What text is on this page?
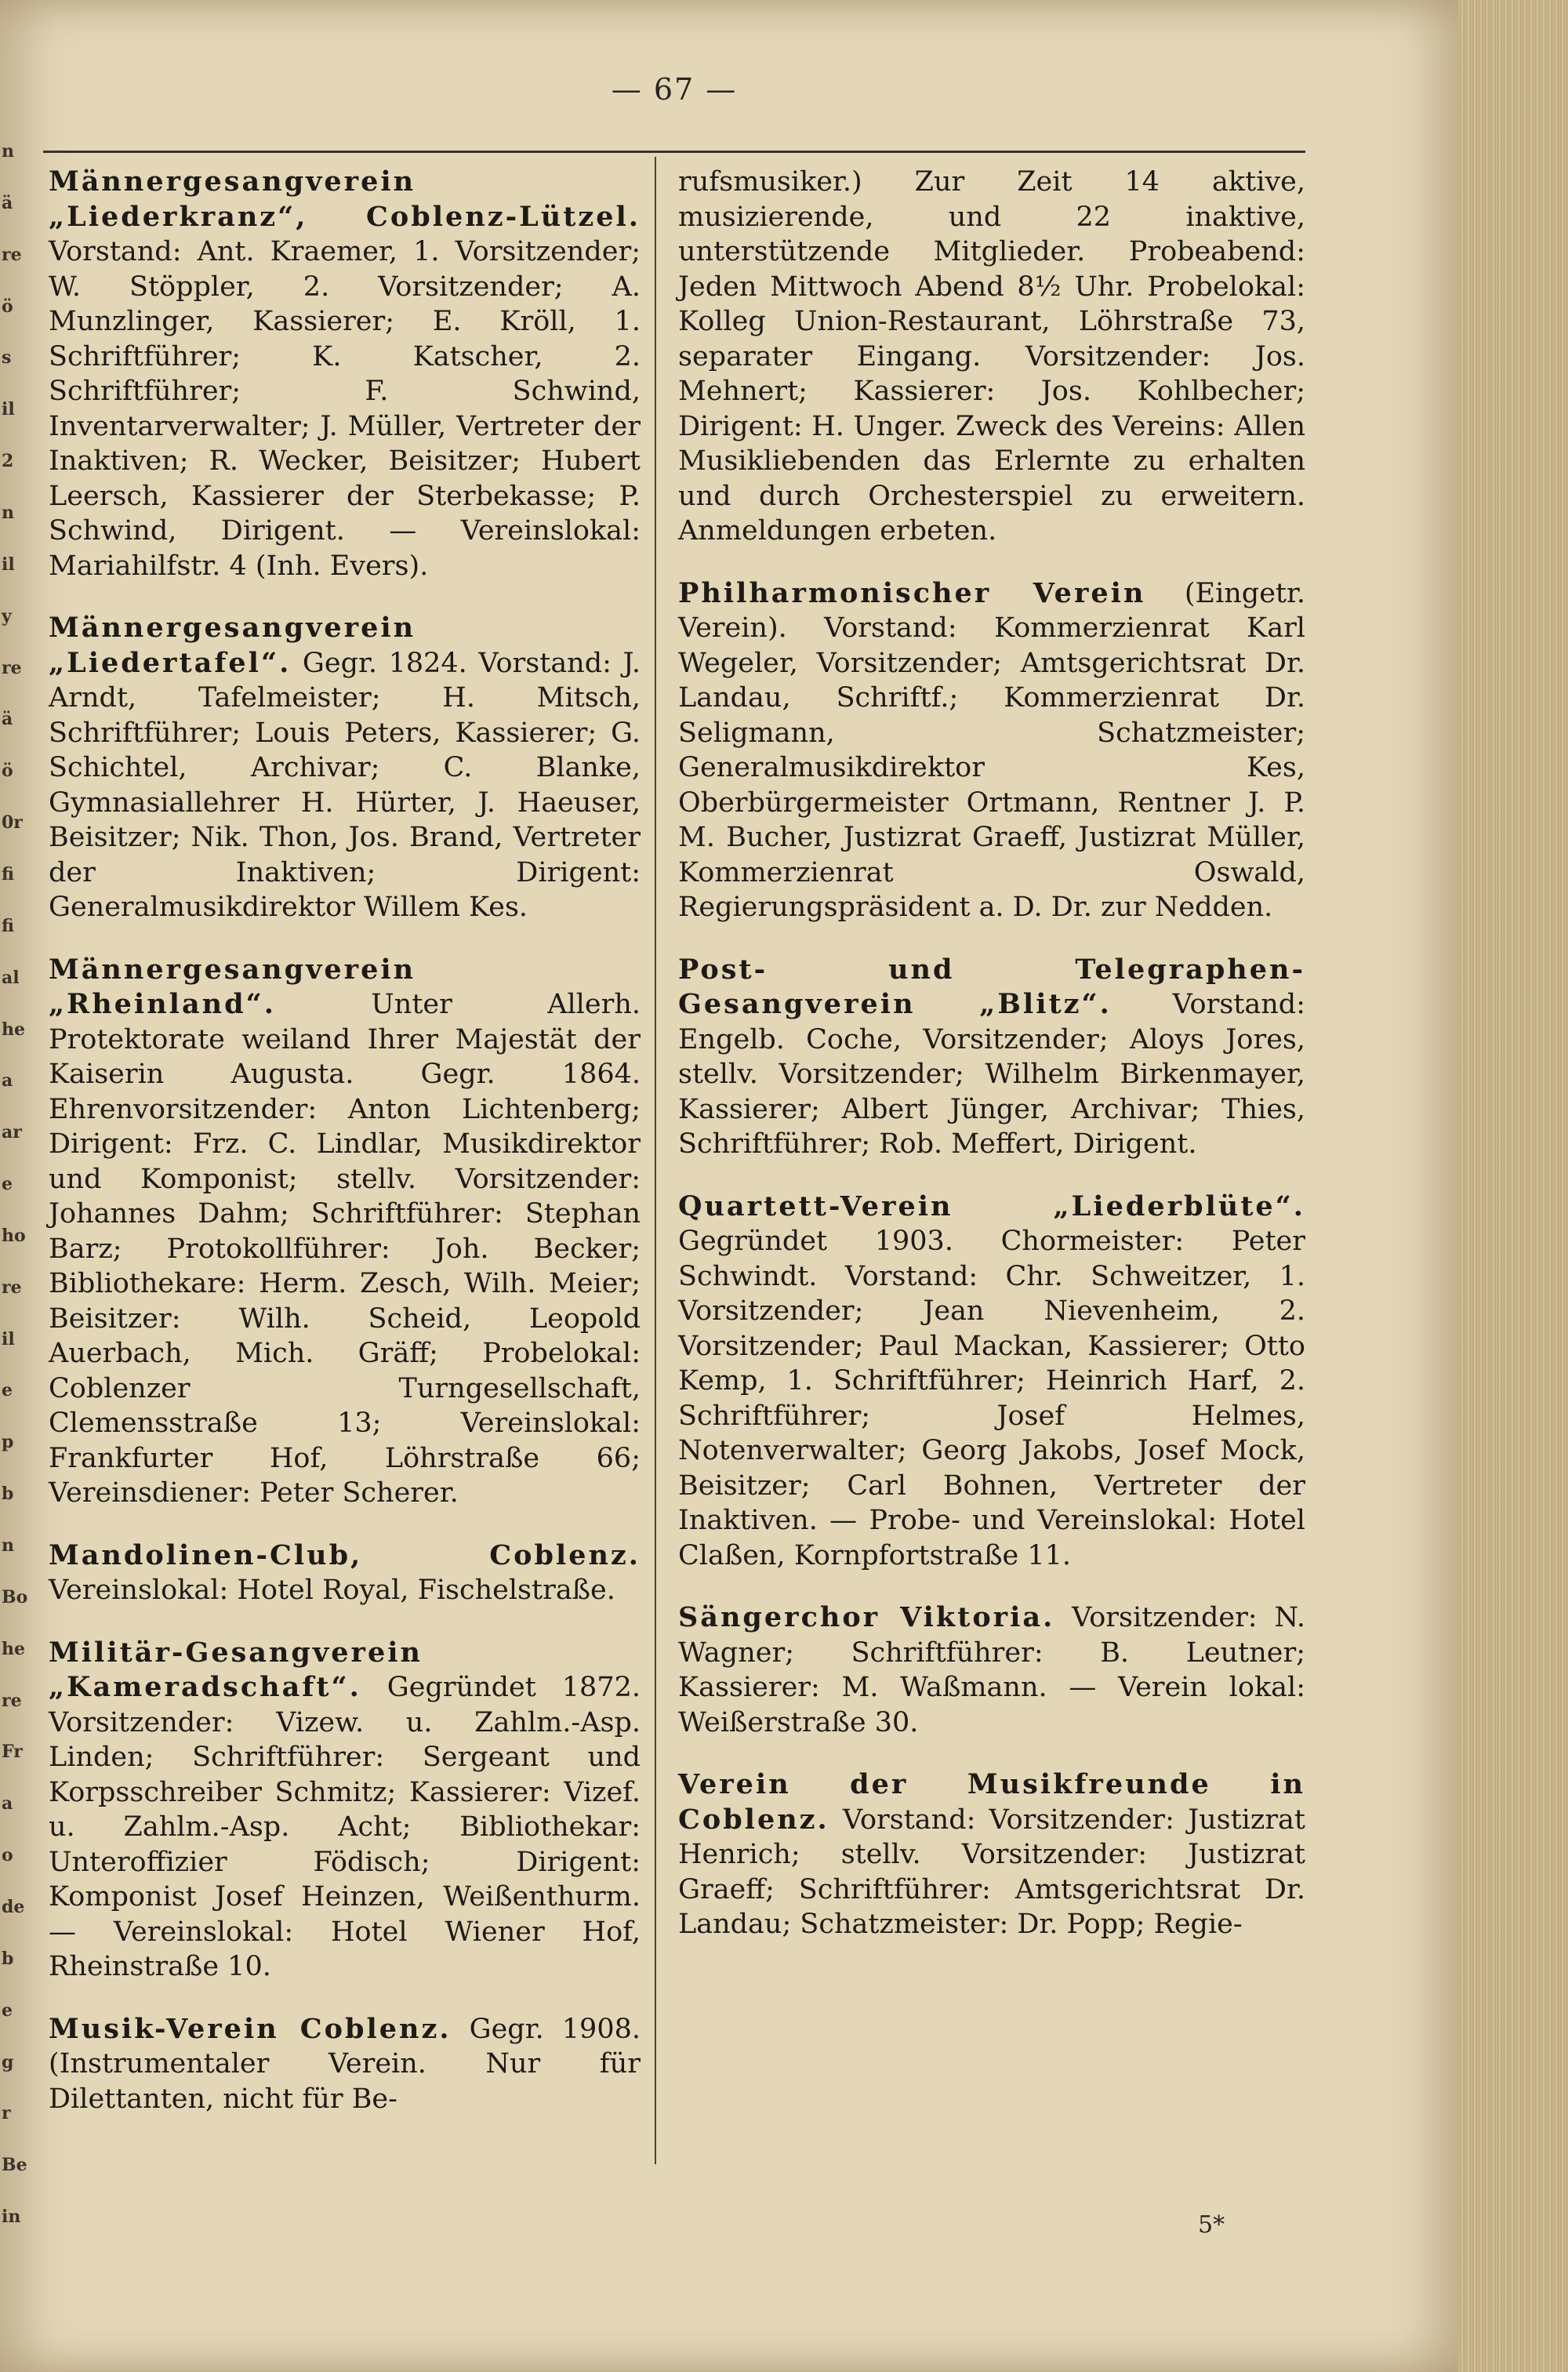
n
ä
re
ö
s
il
2
n
il
y
re
ä
ö
0r
fi
fi
al
he
a
ar
e
ho
re
il
e
p
b
n
Bo
he
re
Fr
a
o
de
b
e
g
r
Be
in
— 67 —

Männergesangverein „Liederkranz“, Coblenz-Lützel. Vorstand: Ant. Kraemer, 1. Vorsitzender; W. Stöppler, 2. Vorsitzender; A. Munzlinger, Kassierer; E. Kröll, 1. Schriftführer; K. Katscher, 2. Schriftführer; F. Schwind, Inventarverwalter; J. Müller, Vertreter der Inaktiven; R. Wecker, Beisitzer; Hubert Leersch, Kassierer der Sterbekasse; P. Schwind, Dirigent. — Vereinslokal: Mariahilfstr. 4 (Inh. Evers).

Männergesangverein „Liedertafel“. Gegr. 1824. Vorstand: J. Arndt, Tafelmeister; H. Mitsch, Schriftführer; Louis Peters, Kassierer; G. Schichtel, Archivar; C. Blanke, Gymnasiallehrer H. Hürter, J. Haeuser, Beisitzer; Nik. Thon, Jos. Brand, Vertreter der Inaktiven; Dirigent: Generalmusikdirektor Willem Kes.

Männergesangverein „Rheinland“.	Unter Allerh. Protektorate weiland Ihrer Majestät der Kaiserin Augusta. Gegr. 1864. Ehrenvorsitzender: Anton Lichtenberg; Dirigent: Frz. C. Lindlar, Musikdirektor und Komponist; stellv. Vorsitzender: Johannes Dahm; Schriftführer: Stephan Barz; Protokollführer: Joh. Becker; Bibliothekare: Herm. Zesch, Wilh. Meier; Beisitzer: Wilh. Scheid, Leopold Auerbach, Mich. Gräff; Probelokal: Coblenzer Turngesellschaft, Clemensstraße 13; Vereinslokal: Frankfurter Hof, Löhrstraße 66; Vereinsdiener: Peter Scherer.

Mandolinen-Club, Coblenz. Vereinslokal: Hotel Royal, Fischelstraße.

Militär-Gesangverein „Kameradschaft“. Gegründet 1872. Vorsitzender: Vizew. u. Zahlm.-Asp. Linden; Schriftführer: Sergeant und Korpsschreiber Schmitz; Kassierer: Vizef. u. Zahlm.-Asp. Acht; Bibliothekar: Unteroffizier Födisch; Dirigent: Komponist Josef Heinzen, Weißenthurm. — Vereinslokal: Hotel Wiener Hof, Rheinstraße 10.

Musik-Verein Coblenz. Gegr. 1908. (Instrumentaler Verein. Nur für Dilettanten, nicht für Be-

rufsmusiker.) Zur Zeit 14 aktive, musizierende, und 22 inaktive, unterstützende Mitglieder. Probeabend: Jeden Mittwoch Abend 8½ Uhr. Probelokal: Kolleg Union-Restaurant, Löhrstraße 73, separater Eingang. Vorsitzender: Jos. Mehnert; Kassierer: Jos. Kohlbecher; Dirigent: H. Unger. Zweck des Vereins: Allen Musikliebenden das Erlernte zu erhalten und durch Orchesterspiel zu erweitern. Anmeldungen erbeten.

Philharmonischer Verein (Eingetr. Verein). Vorstand: Kommerzienrat Karl Wegeler, Vorsitzender; Amtsgerichtsrat Dr. Landau, Schriftf.; Kommerzienrat Dr. Seligmann, Schatzmeister; Generalmusikdirektor Kes, Oberbürgermeister Ortmann, Rentner J. P. M. Bucher, Justizrat Graeff, Justizrat Müller, Kommerzienrat Oswald, Regierungspräsident a. D. Dr. zur Nedden.

Post- und Telegraphen-Gesangverein „Blitz“. Vorstand: Engelb. Coche, Vorsitzender; Aloys Jores, stellv. Vorsitzender; Wilhelm Birkenmayer, Kassierer; Albert Jünger, Archivar; Thies, Schriftführer; Rob. Meffert, Dirigent.

Quartett-Verein „Liederblüte“. Gegründet 1903. Chormeister: Peter Schwindt. Vorstand: Chr. Schweitzer, 1. Vorsitzender; Jean Nievenheim, 2. Vorsitzender; Paul Mackan, Kassierer; Otto Kemp, 1. Schriftführer; Heinrich Harf, 2. Schriftführer; Josef Helmes, Notenverwalter; Georg Jakobs, Josef Mock, Beisitzer; Carl Bohnen, Vertreter der Inaktiven. — Probe- und Vereinslokal: Hotel Claßen, Kornpfortstraße 11.

Sängerchor Viktoria. Vorsitzender: N. Wagner; Schriftführer: B. Leutner; Kassierer: M. Waßmann. — Verein lokal: Weißerstraße 30.

Verein der Musikfreunde in Coblenz. Vorstand: Vorsitzender: Justizrat Henrich; stellv. Vorsitzender: Justizrat Graeff; Schriftführer: Amtsgerichtsrat Dr. Landau; Schatzmeister: Dr. Popp; Regie-

5*
